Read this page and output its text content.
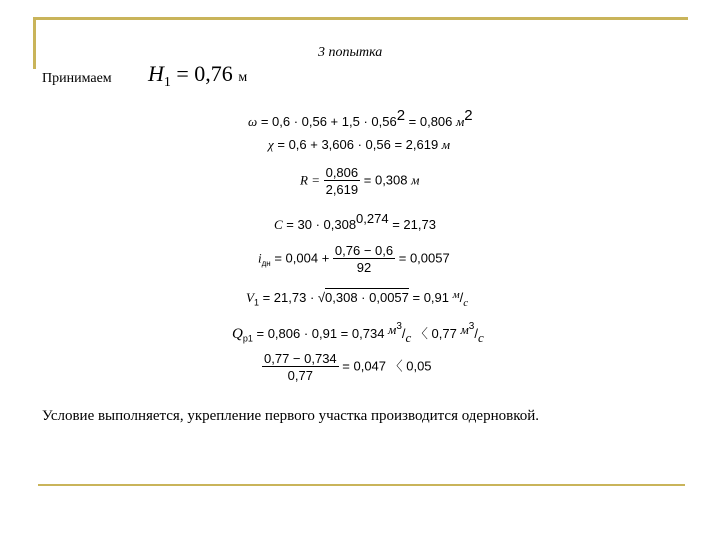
3 попытка
Принимаем $H_1 = 0,76$ м
ω = 0,6 · 0,56 + 1,5 · 0,562 = 0,806 м2
χ = 0,6 + 3,606 · 0,56 = 2,619 м
$R = \frac{0,806}{2,619} = 0,308$ м
C = 30 · 0,3080,274 = 21,73
$i_{дн} = 0,004 + \frac{0,76 - 0,6}{92} = 0,0057$
$V_1 = 21,73 \cdot √0,308 \cdot 0,0057 = 0,91$ $^м/_с$
$Q_{р1} = 0,806 \cdot 0,91 = 0,734$ $м^3/с$ 〈 0,77 $м^3/с$
$\frac{0,77 - 0,734}{0,77} = 0,047$ 〈 0,05
Условие выполняется, укрепление первого участка производится одерновкой.
